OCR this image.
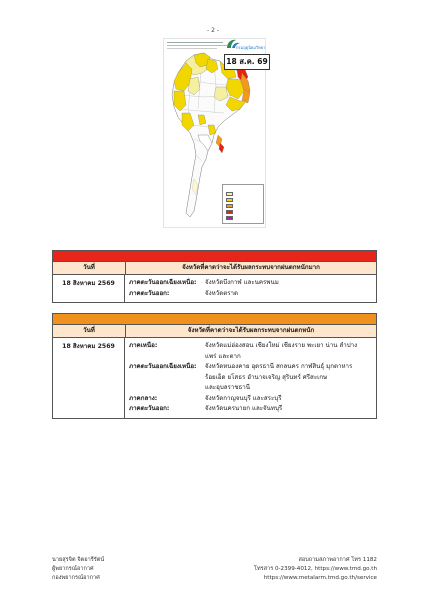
- 2 -
กรมอุตุนิยมวิทยา
18 ส.ค. 69

วันที่	จังหวัดที่คาดว่าจะได้รับผลกระทบจากฝนตกหนักมาก
18 สิงหาคม 2569	ภาคตะวันออกเฉียงเหนือ:	จังหวัดบึงกาฬ และนครพนม
ภาคตะวันออก:	จังหวัดตราด
วันที่	จังหวัดที่คาดว่าจะได้รับผลกระทบจากฝนตกหนัก
18 สิงหาคม 2569	ภาคเหนือ:	จังหวัดแม่ฮ่องสอน เชียงใหม่ เชียงราย พะเยา น่าน ลำปาง
แพร่ และตาก
ภาคตะวันออกเฉียงเหนือ:	จังหวัดหนองคาย อุดรธานี สกลนคร กาฬสินธุ์ มุกดาหาร
ร้อยเอ็ด ยโสธร อำนาจเจริญ สุรินทร์ ศรีสะเกษ
และอุบลราชธานี
ภาคกลาง:	จังหวัดกาญจนบุรี และสระบุรี
ภาคตะวันออก:	จังหวัดนครนายก และจันทบุรี
นายสุรจิต จิตอารีรัตน์
ผู้พยากรณ์อากาศ
กองพยากรณ์อากาศ
สอบถามสภาพอากาศ โทร 1182
โทรสาร 0-2399-4012, https://www.tmd.go.th
https://www.metalarm.tmd.go.th/service
